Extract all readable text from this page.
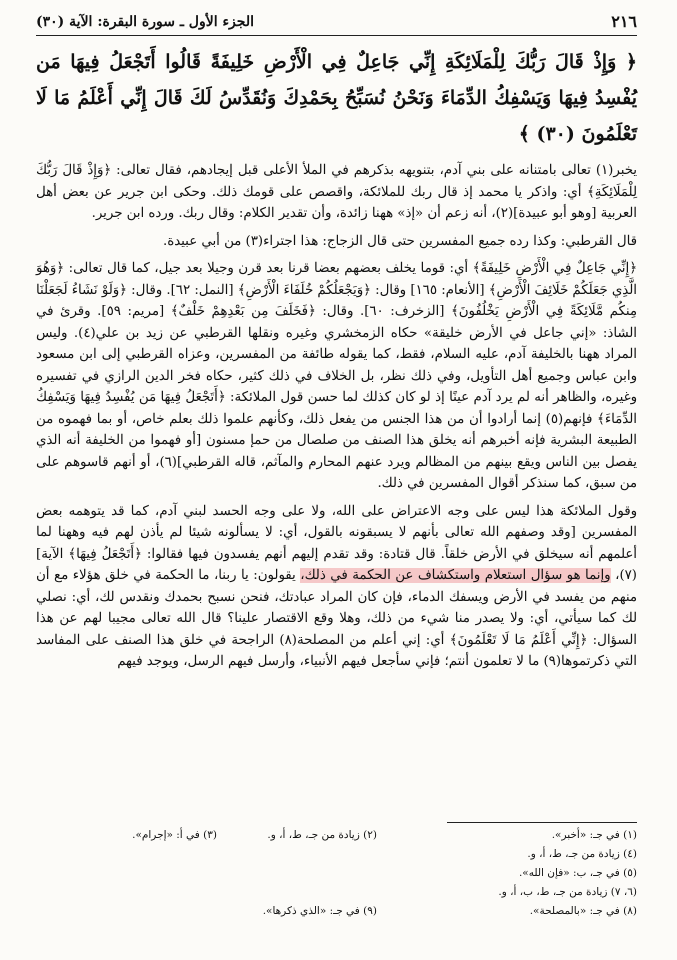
٢١٦
الجزء الأول ـ سورة البقرة: الآية (٣٠)
﴿ وَإِذْ قَالَ رَبُّكَ لِلْمَلَائِكَةِ إِنِّي جَاعِلٌ فِي الْأَرْضِ خَلِيفَةً قَالُوا أَتَجْعَلُ فِيهَا مَن يُفْسِدُ فِيهَا وَيَسْفِكُ الدِّمَاءَ وَنَحْنُ نُسَبِّحُ بِحَمْدِكَ وَنُقَدِّسُ لَكَ قَالَ إِنِّي أَعْلَمُ مَا لَا تَعْلَمُونَ (٣٠) ﴾

يخبر(١) تعالى بامتنانه على بني آدم، بتنويهه بذكرهم في الملأ الأعلى قبل إيجادهم، فقال تعالى: ﴿وَإِذْ قَالَ رَبُّكَ لِلْمَلَائِكَةِ﴾ أي: واذكر يا محمد إذ قال ربك للملائكة، واقصص على قومك ذلك. وحكى ابن جرير عن بعض أهل العربية [وهو أبو عبيدة](٢)، أنه زعم أن «إذ» ههنا زائدة، وأن تقدير الكلام: وقال ربك. ورده ابن جرير.

قال القرطبي: وكذا رده جميع المفسرين حتى قال الزجاج: هذا اجتراء(٣) من أبي عبيدة.

﴿إِنِّي جَاعِلٌ فِي الْأَرْضِ خَلِيفَةً﴾ أي: قوما يخلف بعضهم بعضا قرنا بعد قرن وجيلا بعد جيل، كما قال تعالى: ﴿وَهُوَ الَّذِي جَعَلَكُمْ خَلَائِفَ الْأَرْضِ﴾ [الأنعام: ١٦٥] وقال: ﴿وَيَجْعَلُكُمْ خُلَفَاءَ الْأَرْضِ﴾ [النمل: ٦٢]. وقال: ﴿وَلَوْ نَشَاءُ لَجَعَلْنَا مِنكُم مَّلَائِكَةً فِي الْأَرْضِ يَخْلُفُونَ﴾ [الزخرف: ٦٠]. وقال: ﴿فَخَلَفَ مِن بَعْدِهِمْ خَلْفٌ﴾ [مريم: ٥٩]. وقرئ في الشاذ: «إني جاعل في الأرض خليقة» حكاه الزمخشري وغيره ونقلها القرطبي عن زيد بن علي(٤). وليس المراد ههنا بالخليفة آدم، عليه السلام، فقط، كما يقوله طائفة من المفسرين، وعزاه القرطبي إلى ابن مسعود وابن عباس وجميع أهل التأويل، وفي ذلك نظر، بل الخلاف في ذلك كثير، حكاه فخر الدين الرازي في تفسيره وغيره، والظاهر أنه لم يرد آدم عينًا إذ لو كان كذلك لما حسن قول الملائكة: ﴿أَتَجْعَلُ فِيهَا مَن يُفْسِدُ فِيهَا وَيَسْفِكُ الدِّمَاءَ﴾ فإنهم(٥) إنما أرادوا أن من هذا الجنس من يفعل ذلك، وكأنهم علموا ذلك بعلم خاص، أو بما فهموه من الطبيعة البشرية فإنه أخبرهم أنه يخلق هذا الصنف من صلصال من حمإ مسنون [أو فهموا من الخليفة أنه الذي يفصل بين الناس ويقع بينهم من المظالم ويرد عنهم المحارم والمآثم، قاله القرطبي](٦)، أو أنهم قاسوهم على من سبق، كما سنذكر أقوال المفسرين في ذلك.

وقول الملائكة هذا ليس على وجه الاعتراض على الله، ولا على وجه الحسد لبني آدم، كما قد يتوهمه بعض المفسرين [وقد وصفهم الله تعالى بأنهم لا يسبقونه بالقول، أي: لا يسألونه شيئا لم يأذن لهم فيه وههنا لما أعلمهم أنه سيخلق في الأرض خلقاً. قال قتادة: وقد تقدم إليهم أنهم يفسدون فيها فقالوا: ﴿أَتَجْعَلُ فِيهَا﴾ الآية](٧)، وإنما هو سؤال استعلام واستكشاف عن الحكمة في ذلك، يقولون: يا ربنا، ما الحكمة في خلق هؤلاء مع أن منهم من يفسد في الأرض ويسفك الدماء، فإن كان المراد عبادتك، فنحن نسبح بحمدك ونقدس لك، أي: نصلي لك كما سيأتي، أي: ولا يصدر منا شيء من ذلك، وهلا وقع الاقتصار علينا؟ قال الله تعالى مجيبا لهم عن هذا السؤال: ﴿إِنِّي أَعْلَمُ مَا لَا تَعْلَمُونَ﴾ أي: إني أعلم من المصلحة(٨) الراجحة في خلق هذا الصنف على المفاسد التي ذكرتموها(٩) ما لا تعلمون أنتم؛ فإني سأجعل فيهم الأنبياء، وأرسل فيهم الرسل، ويوجد فيهم

(١) في جـ: «أخبر».
(٢) زيادة من جـ، ط، أ، و.
(٣) في أ: «إجرام».
(٤) زيادة من جـ، ط، أ، و.
(٥) في جـ، ب: «فإن الله».
(٦، ٧) زيادة من جـ، ط، ب، أ، و.
(٨) في جـ: «بالمصلحة».
(٩) في جـ: «الذي ذكرها».
